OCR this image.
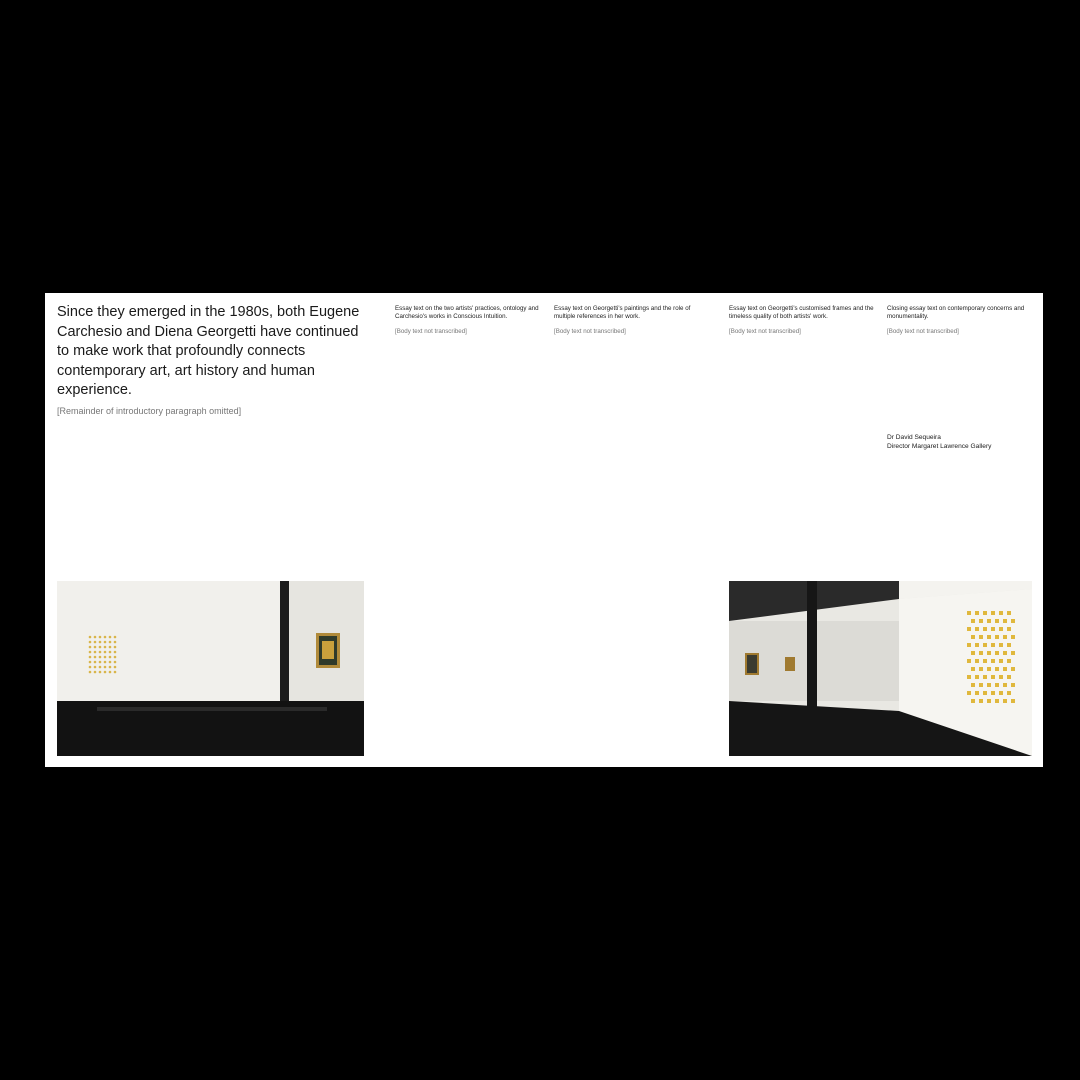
Since they emerged in the 1980s, both Eugene Carchesio and Diena Georgetti have continued to make work that profoundly connects contemporary art, art history and human experience.
[Remainder of introductory paragraph omitted]

Essay text on the two artists' practices, ontology and Carchesio's works in Conscious Intuition.

[Body text not transcribed]

Essay text on Georgetti's paintings and the role of multiple references in her work.

[Body text not transcribed]

Essay text on Georgetti's customised frames and the timeless quality of both artists' work.

[Body text not transcribed]

Closing essay text on contemporary concerns and monumentality.

[Body text not transcribed]
Dr David Sequeira
Director Margaret Lawrence Gallery
